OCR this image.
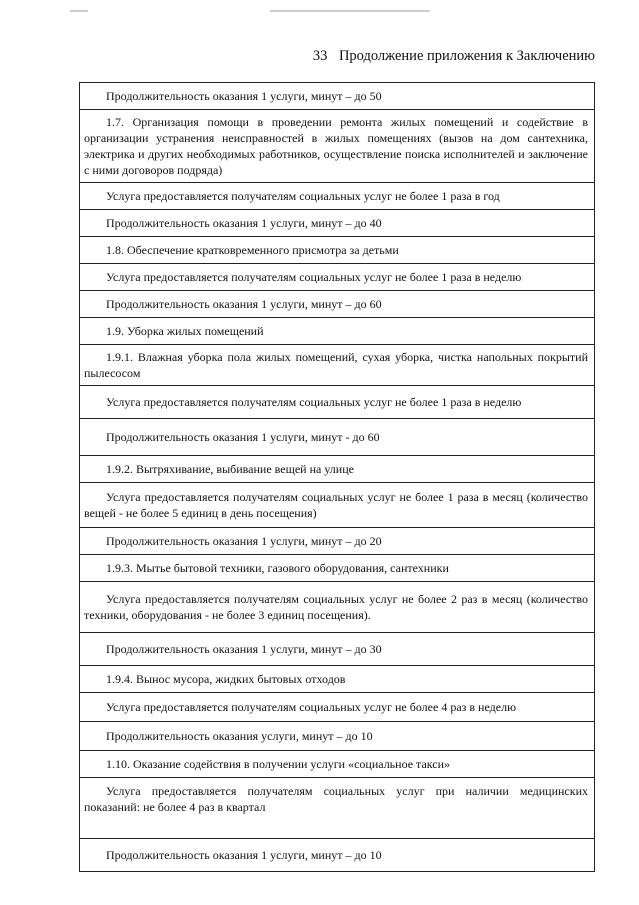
33 Продолжение приложения к Заключению
Продолжительность оказания 1 услуги, минут – до 50
1.7. Организация помощи в проведении ремонта жилых помещений и содействие в организации устранения неисправностей в жилых помещениях (вызов на дом сантехника, электрика и других необходимых работников, осуществление поиска исполнителей и заключение с ними договоров подряда)
Услуга предоставляется получателям социальных услуг не более 1 раза в год
Продолжительность оказания 1 услуги, минут – до 40
1.8. Обеспечение кратковременного присмотра за детьми
Услуга предоставляется получателям социальных услуг не более 1 раза в неделю
Продолжительность оказания 1 услуги, минут – до 60
1.9. Уборка жилых помещений
1.9.1. Влажная уборка пола жилых помещений, сухая уборка, чистка напольных покрытий пылесосом
Услуга предоставляется получателям социальных услуг не более 1 раза в неделю
Продолжительность оказания 1 услуги, минут - до 60
1.9.2. Вытряхивание, выбивание вещей на улице
Услуга предоставляется получателям социальных услуг не более 1 раза в месяц (количество вещей - не более 5 единиц в день посещения)
Продолжительность оказания 1 услуги, минут – до 20
1.9.3. Мытье бытовой техники, газового оборудования, сантехники
Услуга предоставляется получателям социальных услуг не более 2 раз в месяц (количество техники, оборудования - не более 3 единиц посещения).
Продолжительность оказания 1 услуги, минут – до 30
1.9.4. Вынос мусора, жидких бытовых отходов
Услуга предоставляется получателям социальных услуг не более 4 раз в неделю
Продолжительность оказания услуги, минут – до 10
1.10. Оказание содействия в получении услуги «социальное такси»
Услуга предоставляется получателям социальных услуг при наличии медицинских показаний: не более 4 раз в квартал
Продолжительность оказания 1 услуги, минут – до 10
